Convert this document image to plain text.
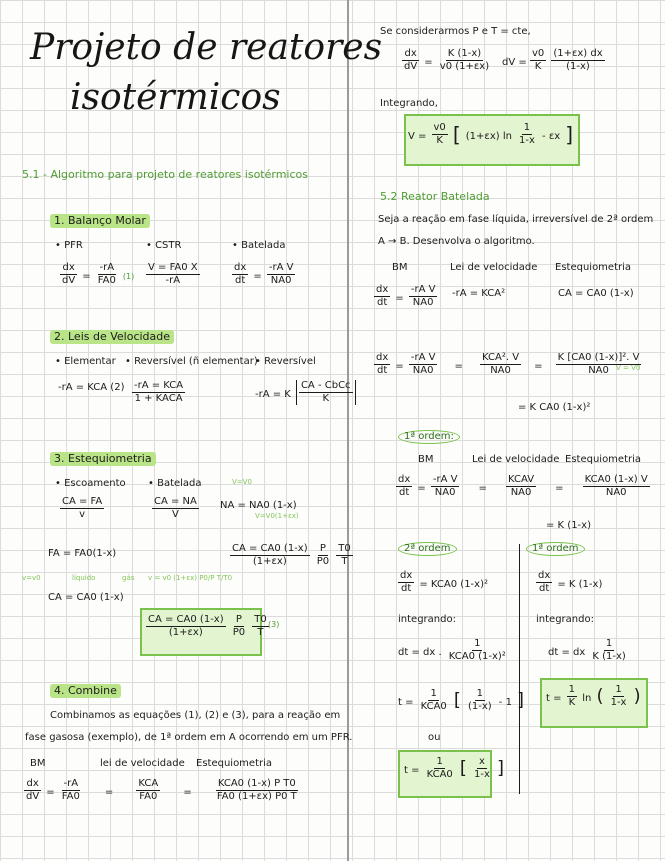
Projeto de reatores
isotérmicos
5.1 - Algoritmo para projeto de reatores isotérmicos
1. Balanço Molar
• PFR	• CSTR	• Batelada
$\frac{dx}{dV} = \frac{-rA}{FA0} (1) \frac{V = FA0 X}{-rA}$	$\frac{dx}{dt} = \frac{\text{-rA V}}{NA0}$
2. Leis de Velocidade
• Elementar • Reversível (ñ elementar)
• Reversível
-rA = KCA $(2) \frac{\text{-rA = KCA}}{\text{1 + KACA}}$	-rA = K $\frac{\text{CA - CbCc}}{K}$
3. Estequiometria
• Escoamento • Batelada	V=V0
$\frac{CA = FA}{v}$	$\frac{CA = NA}{V}$ NA = NA0 (1-x)
V=V0(1+εx)
FA = FA0(1-x)	$\frac{CA = CA0 (1-x)}{(1+\varepsilon x)}$
$\frac{P}{P0}$
$\frac{T0}{T}$
v=v0	líquido	gás v = v0 (1+εx) P0/P T/T0
CA = CA0 (1-x)
$\frac{CA = CA0 (1-x)}{(1+\varepsilon x)}$
$\frac{P}{P0}$
$\frac{T0}{T} (3)$
4. Combine
Combinamos as equações (1), (2) e (3), para a reação em
fase gasosa (exemplo), de 1ª ordem em A ocorrendo em um PFR.
BM	lei de velocidade Estequiometria
$\frac{dx}{dV} = \frac{-rA}{FA0} = \frac{\text{KCA}}{FA0} = \frac{\text{KCA0 (1-x) P T0}}{FA0 (1+\varepsilon x) P0 T}$
Se considerarmos P e T = cte,
$\frac{dx}{dV} = \frac{K (1-x)}{v0 (1+\varepsilon x)}$ dV = $\frac{v0}{K}$
$\frac{(1+\varepsilon x) dx}{(1-x)}$
Integrando,
$V = \frac{v0}{K}$ [ (1+εx) $\ln \frac{1}{1-x}$ - εx ]
5.2 Reator Batelada
Seja a reação em fase líquida, irreversível de 2ª ordem
A → B. Desenvolva o algoritmo.
BM	Lei de velocidade Estequiometria
$\frac{dx}{dt} = \frac{\text{-rA V}}{NA0} -rA = KCA^2$	CA = CA0 (1-x)
$\frac{dx}{dt} = \frac{\text{-rA V}}{NA0} = \frac{\text{KCA². V}}{NA0} = \frac{\text{K [CA0 (1-x)]². V}}{NA0}$
V = V0
= K CA0 (1-x)²
1ª ordem:
BM	Lei de velocidade Estequiometria
$\frac{dx}{dt} = \frac{\text{-rA V}}{NA0} = \frac{\text{KCAV}}{NA0} = \frac{\text{KCA0 (1-x) V}}{NA0}$
= K (1-x)
2ª ordem	1ª ordem
$\frac{dx}{dt} = KCA0$ (1-x)²	$\frac{dx}{dt} = K$ (1-x)
integrando:	integrando:
dt = dx . $\frac{1}{\text{KCA0 (1-x)²}}$	dt = dx $\frac{1}{K (1-x)}$
$t = \frac{1}{\text{KCA0}}$ [ $\frac{1}{(1-x)} - 1$ ] $t = \frac{1}{K}$ ln ( $\frac{1}{1-x}$ )
ou
$t = \frac{1}{\text{KCA0}}$ [ $\frac{x}{1-x}$ ]
